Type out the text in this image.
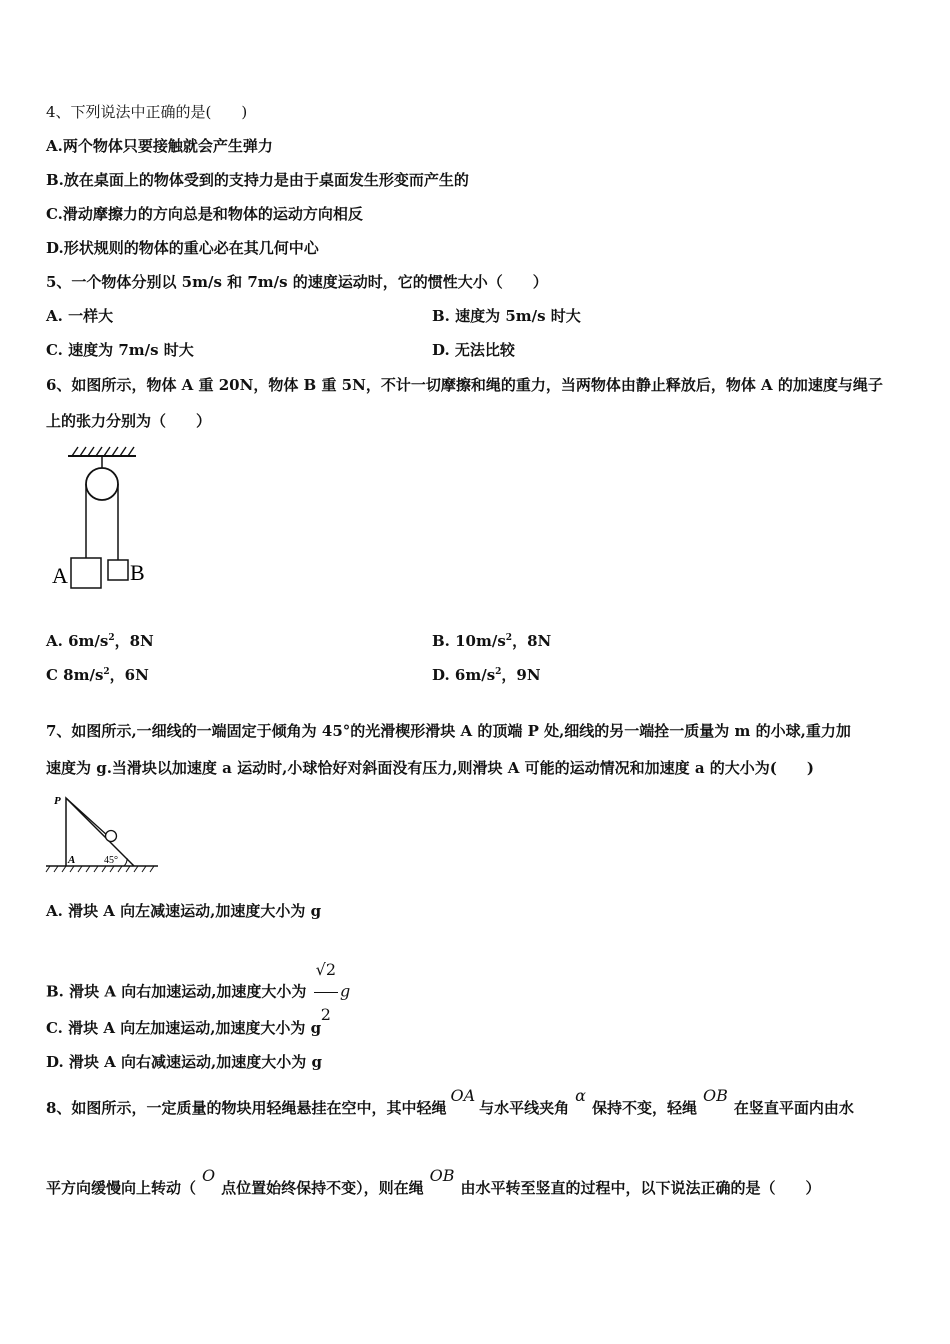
4、下列说法中正确的是(　　)
A.两个物体只要接触就会产生弹力
B.放在桌面上的物体受到的支持力是由于桌面发生形变而产生的
C.滑动摩擦力的方向总是和物体的运动方向相反
D.形状规则的物体的重心必在其几何中心
5、一个物体分别以 5m/s 和 7m/s 的速度运动时，它的惯性大小（　　）
A. 一样大	B. 速度为 5m/s 时大
C. 速度为 7m/s 时大	D. 无法比较
6、如图所示，物体 A 重 20N，物体 B 重 5N，不计一切摩擦和绳的重力，当两物体由静止释放后，物体 A 的加速度与绳子
上的张力分别为（　　）
A	B
A. $6m/s^2$，8N	B. $10m/s^2$，8N
C $8m/s^2$，6N	D. $6m/s^2$，9N
7、如图所示,一细线的一端固定于倾角为 45°的光滑楔形滑块 A 的顶端 P 处,细线的另一端拴一质量为 m 的小球,重力加
速度为 g.当滑块以加速度 a 运动时,小球恰好对斜面没有压力,则滑块 A 可能的运动情况和加速度 a 的大小为(　　)
P
A	45°
A. 滑块 A 向左减速运动,加速度大小为 g
B. 滑块 A 向右加速运动,加速度大小为 $\frac{√2}{2}$ g
C. 滑块 A 向左加速运动,加速度大小为 g
D. 滑块 A 向右减速运动,加速度大小为 g
8、如图所示，一定质量的物块用轻绳悬挂在空中，其中轻绳OA与水平线夹角α保持不变，轻绳OB在竖直平面内由水
平方向缓慢向上转动（O点位置始终保持不变），则在绳OB由水平转至竖直的过程中，以下说法正确的是（　　）
